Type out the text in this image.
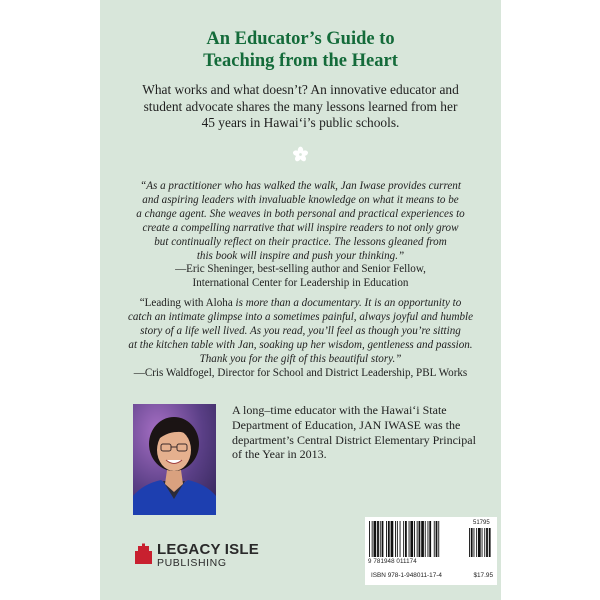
An Educator’s Guide to
Teaching from the Heart
What works and what doesn’t? An innovative educator and
student advocate shares the many lessons learned from her
45 years in Hawaiʻi’s public schools.
“As a practitioner who has walked the walk, Jan Iwase provides current
and aspiring leaders with invaluable knowledge on what it means to be
a change agent. She weaves in both personal and practical experiences to
create a compelling narrative that will inspire readers to not only grow
but continually reflect on their practice. The lessons gleaned from
this book will inspire and push your thinking.”
—Eric Sheninger, best-selling author and Senior Fellow,
International Center for Leadership in Education
“Leading with Aloha is more than a documentary. It is an opportunity to
catch an intimate glimpse into a sometimes painful, always joyful and humble
story of a life well lived. As you read, you’ll feel as though you’re sitting
at the kitchen table with Jan, soaking up her wisdom, gentleness and passion.
Thank you for the gift of this beautiful story.”
—Cris Waldfogel, Director for School and District Leadership, PBL Works
A long–time educator with the Hawaiʻi State
Department of Education, JAN IWASE was the
department’s Central District Elementary Principal
of the Year in 2013.
LEGACY ISLE
PUBLISHING
51795
9 781948 011174
ISBN 978-1-948011-17-4	$17.95
